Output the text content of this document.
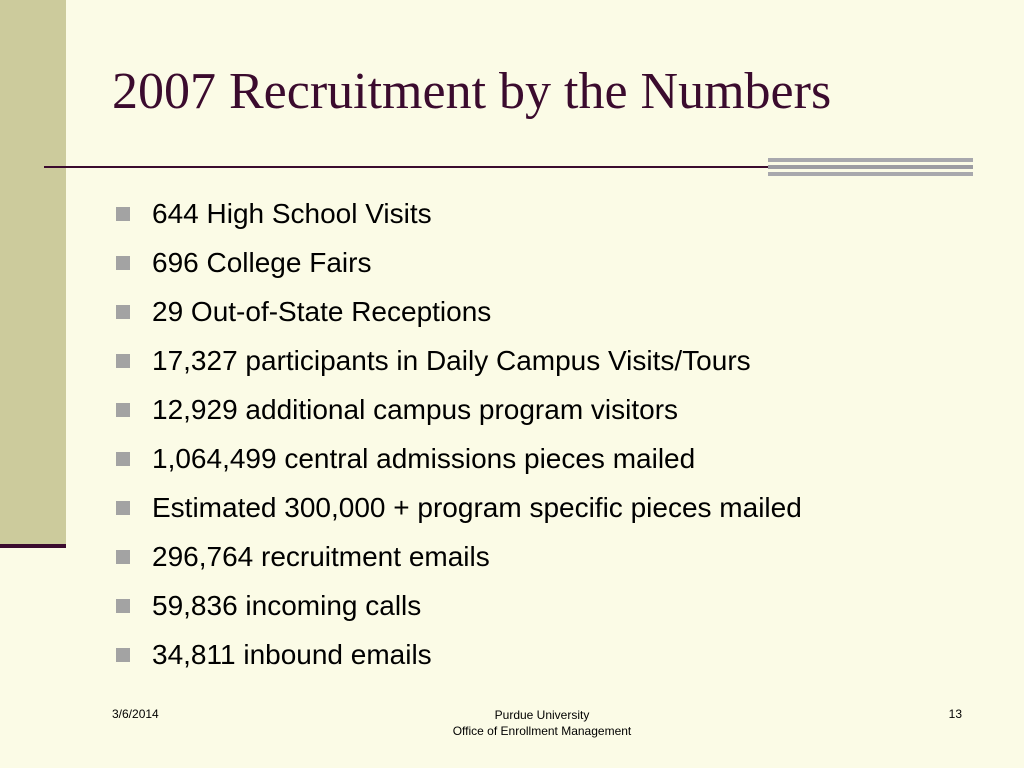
2007 Recruitment by the Numbers
644 High School Visits
696 College Fairs
29 Out-of-State Receptions
17,327 participants in Daily Campus Visits/Tours
12,929 additional campus program visitors
1,064,499 central admissions pieces mailed
Estimated 300,000 + program specific pieces mailed
296,764 recruitment emails
59,836 incoming calls
34,811 inbound emails
3/6/2014	Purdue University
Office of Enrollment Management
13
